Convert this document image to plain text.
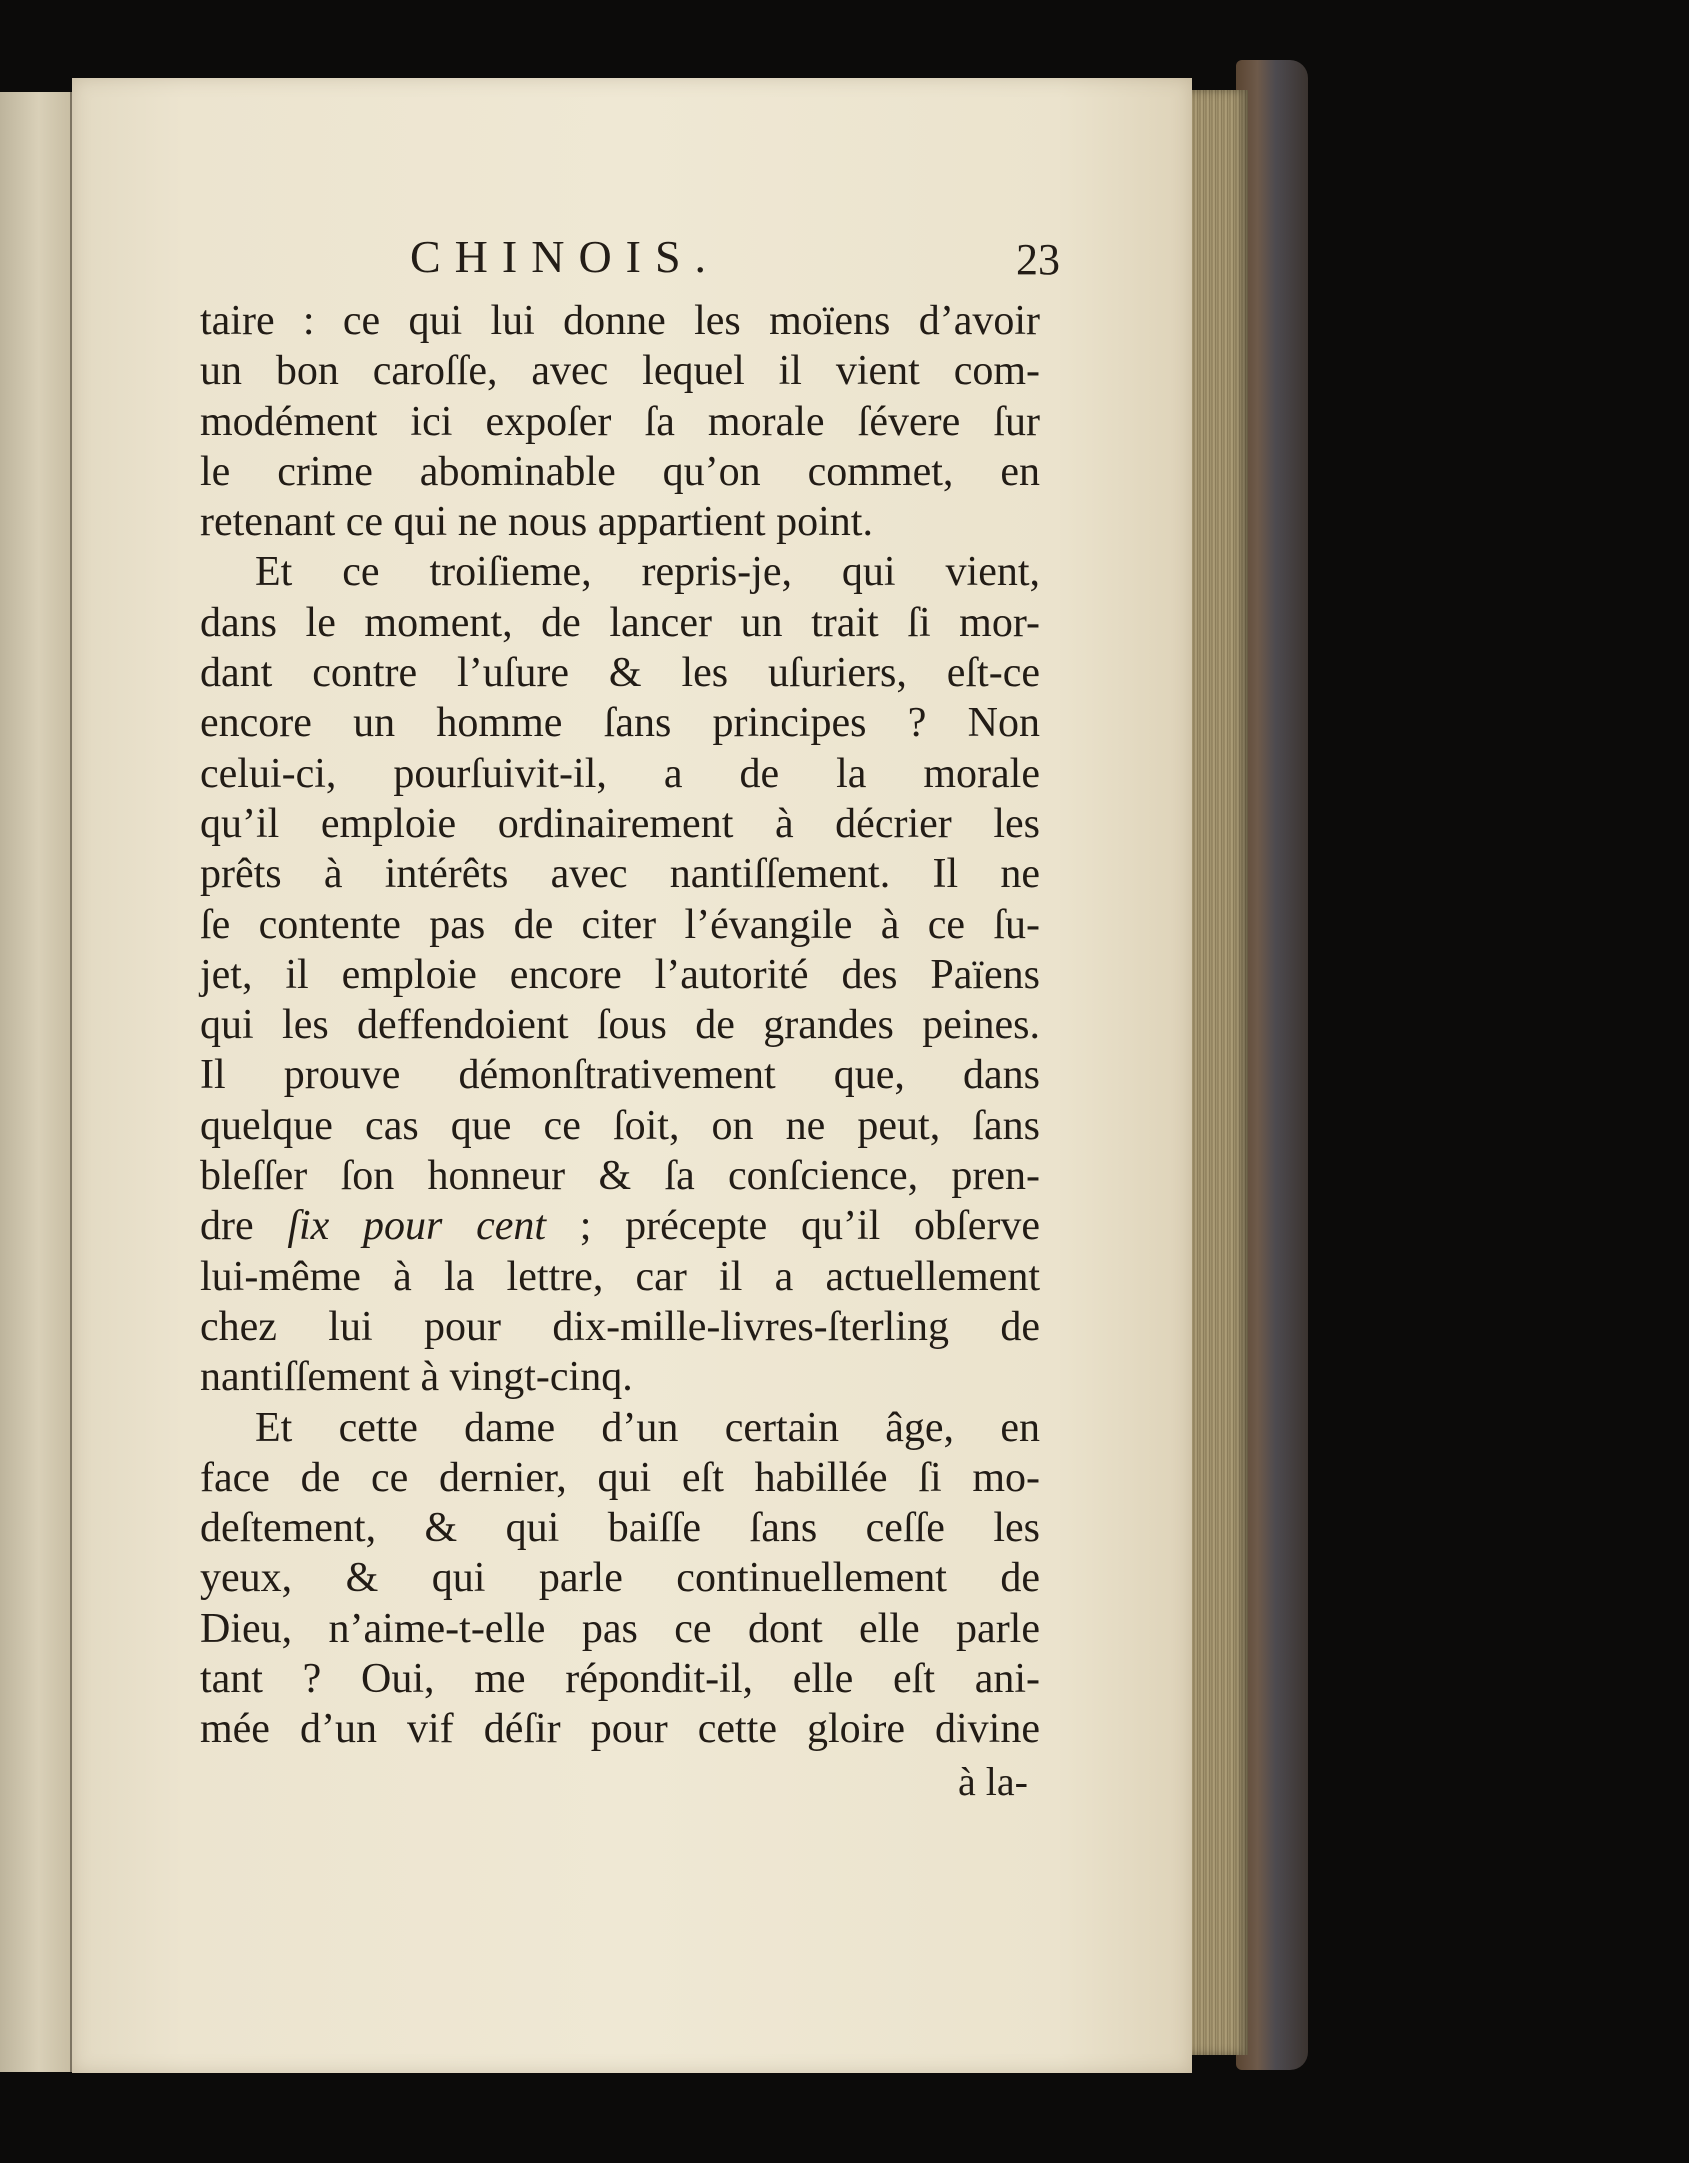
CHINOIS.	23
taire : ce qui lui donne les moïens d’avoir
un bon caroſſe, avec lequel il vient com-
modément ici expoſer ſa morale ſévere ſur
le crime abominable qu’on commet, en
retenant ce qui ne nous appartient point.
Et ce troiſieme, repris-je, qui vient,
dans le moment, de lancer un trait ſi mor-
dant contre l’uſure & les uſuriers, eſt-ce
encore un homme ſans principes ? Non
celui-ci, pourſuivit-il, a de la morale
qu’il emploie ordinairement à décrier les
prêts à intérêts avec nantiſſement. Il ne
ſe contente pas de citer l’évangile à ce ſu-
jet, il emploie encore l’autorité des Païens
qui les deffendoient ſous de grandes peines.
Il prouve démonſtrativement que, dans
quelque cas que ce ſoit, on ne peut, ſans
bleſſer ſon honneur & ſa conſcience, pren-
dre ſix pour cent ; précepte qu’il obſerve
lui-même à la lettre, car il a actuellement
chez lui pour dix-mille-livres-ſterling de
nantiſſement à vingt-cinq.
Et cette dame d’un certain âge, en
face de ce dernier, qui eſt habillée ſi mo-
deſtement, & qui baiſſe ſans ceſſe les
yeux, & qui parle continuellement de
Dieu, n’aime-t-elle pas ce dont elle parle
tant ? Oui, me répondit-il, elle eſt ani-
mée d’un vif déſir pour cette gloire divine
à la-
